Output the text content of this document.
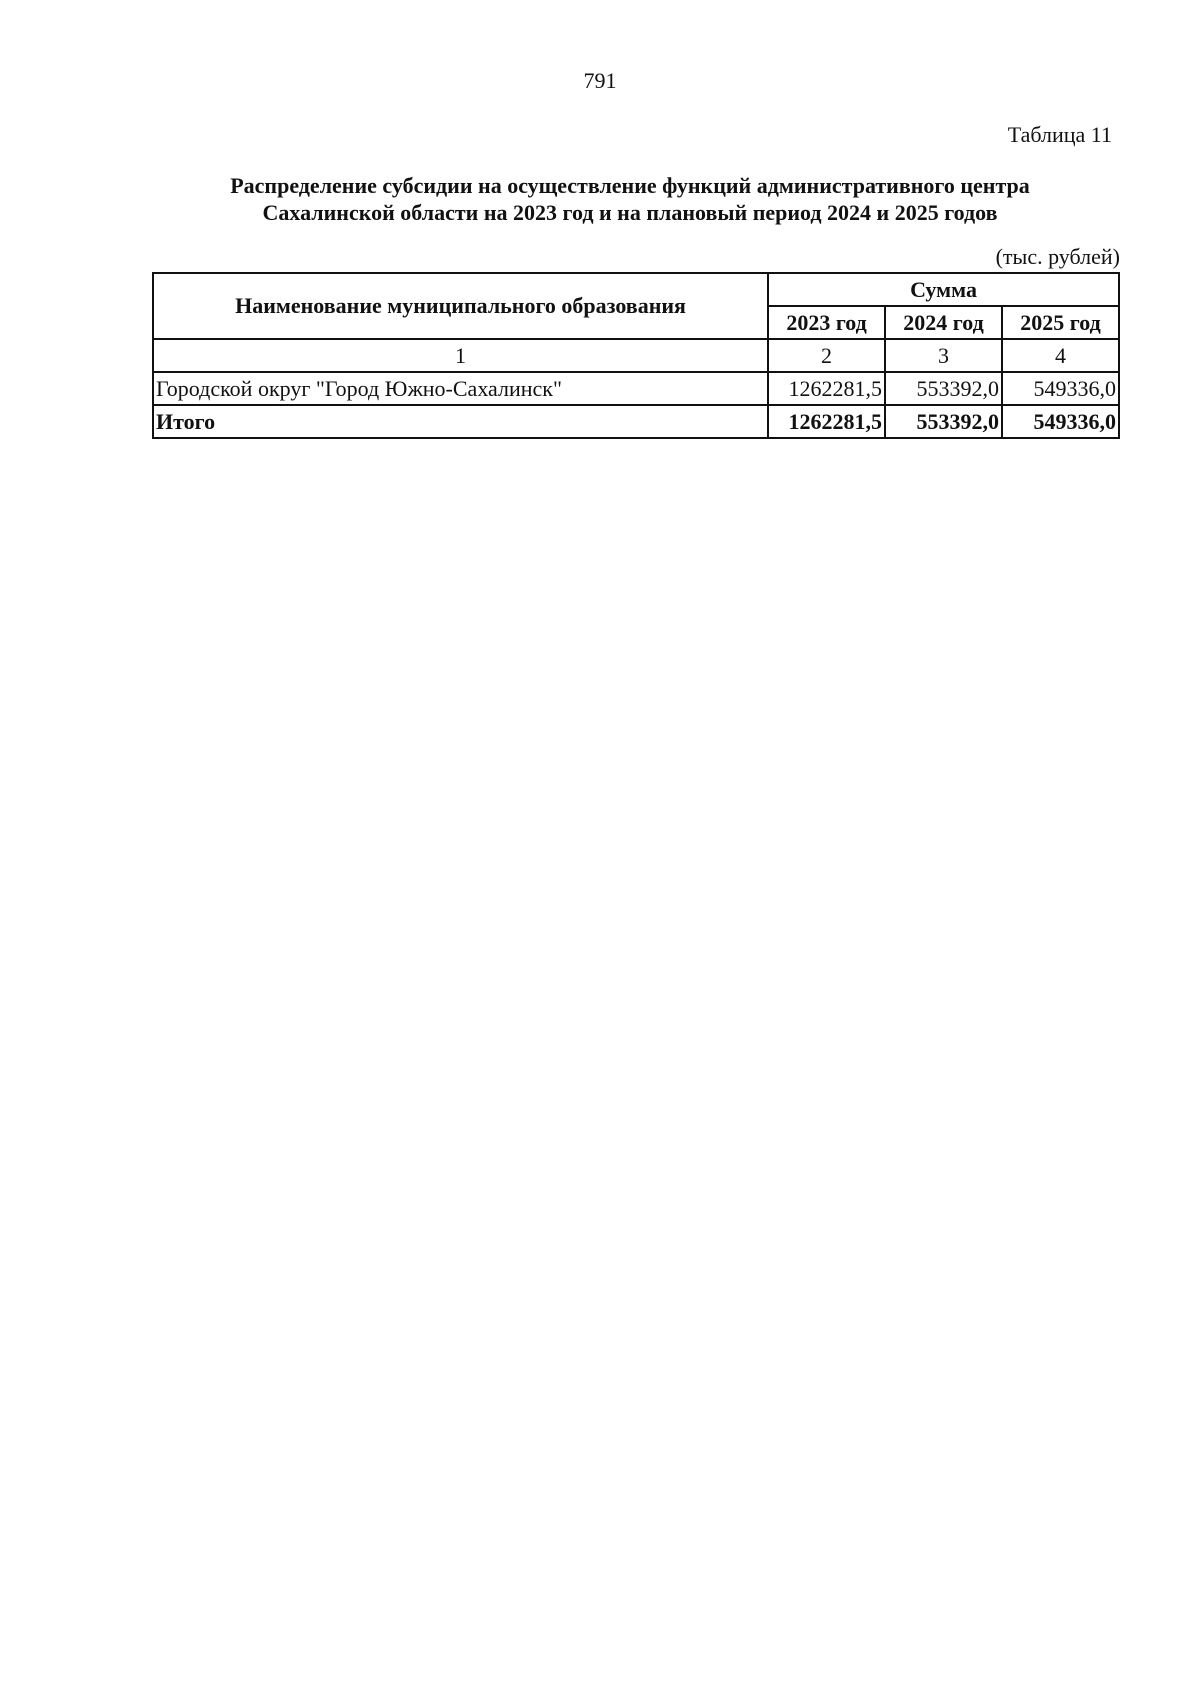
791
Таблица 11
Распределение субсидии на осуществление функций административного центра
Сахалинской области на 2023 год и на плановый период 2024 и 2025 годов
(тыс. рублей)
Наименование муниципального образования	Сумма		
	2023 год	2024 год	2025 год
1	2	3	4
Городской округ "Город Южно-Сахалинск"	1262281,5	553392,0	549336,0
Итого	1262281,5	553392,0	549336,0
